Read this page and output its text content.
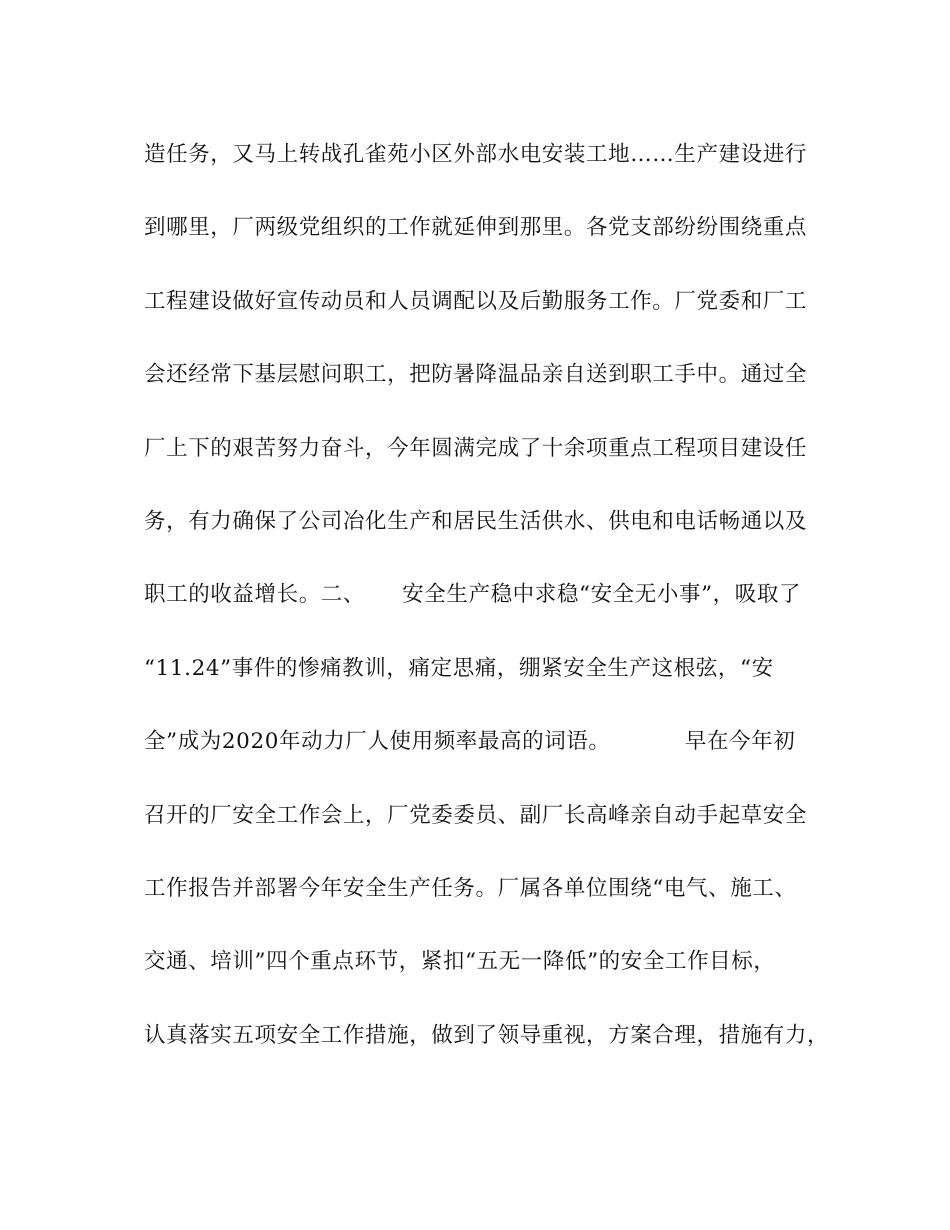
造任务，又马上转战孔雀苑小区外部水电安装工地……生产建设进行
到哪里，厂两级党组织的工作就延伸到那里。各党支部纷纷围绕重点
工程建设做好宣传动员和人员调配以及后勤服务工作。厂党委和厂工
会还经常下基层慰问职工，把防暑降温品亲自送到职工手中。通过全
厂上下的艰苦努力奋斗，今年圆满完成了十余项重点工程项目建设任
务，有力确保了公司冶化生产和居民生活供水、供电和电话畅通以及
职工的收益增长。二、     安全生产稳中求稳“安全无小事”，吸取了
“11.24”事件的惨痛教训，痛定思痛，绷紧安全生产这根弦，“安
全”成为2020年动力厂人使用频率最高的词语。          早在今年初
召开的厂安全工作会上，厂党委委员、副厂长高峰亲自动手起草安全
工作报告并部署今年安全生产任务。厂属各单位围绕“电气、施工、
交通、培训”四个重点环节，紧扣“五无一降低”的安全工作目标，
认真落实五项安全工作措施，做到了领导重视，方案合理，措施有力，
